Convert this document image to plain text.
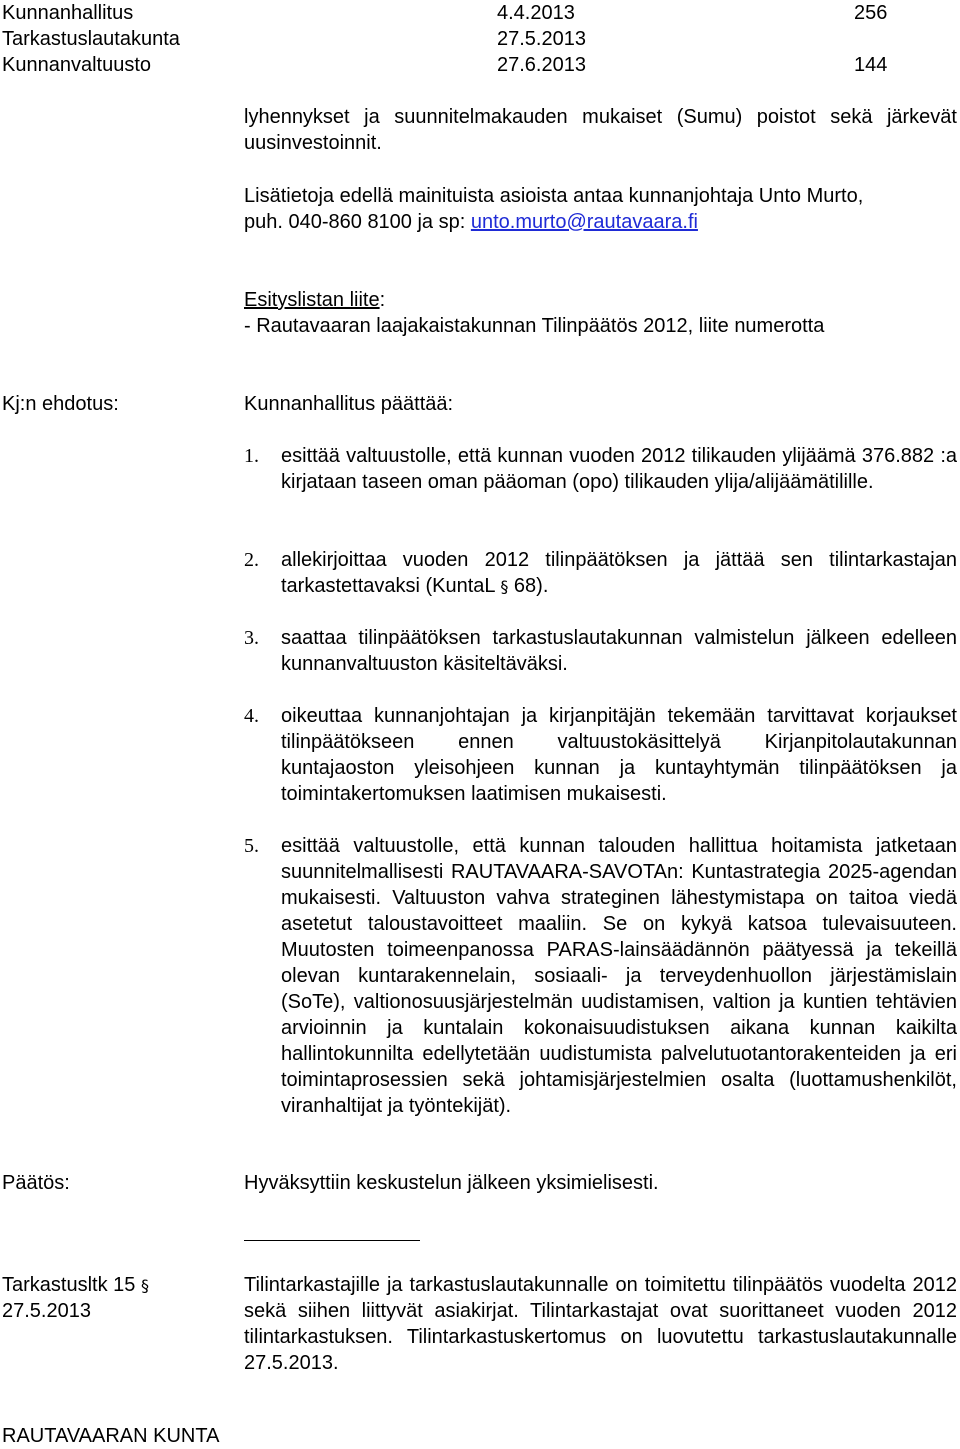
Kunnanhallitus	4.4.2013	256
Tarkastuslautakunta	27.5.2013
Kunnanvaltuusto	27.6.2013	144
lyhennykset ja suunnitelmakauden mukaiset (Sumu) poistot sekä järkevät uusinvestoinnit.
Lisätietoja edellä mainituista asioista antaa kunnanjohtaja Unto Murto,
puh. 040-860 8100 ja sp: unto.murto@rautavaara.fi
Esityslistan liite:
- Rautavaaran laajakaistakunnan Tilinpäätös 2012, liite numerotta
Kj:n ehdotus:	Kunnanhallitus päättää:
1.	esittää valtuustolle, että kunnan vuoden 2012 tilikauden ylijäämä 376.882 :a kirjataan taseen oman pääoman (opo) tilikauden ylija/alijäämätilille.
2.	allekirjoittaa vuoden 2012 tilinpäätöksen ja jättää sen tilintarkastajan tarkastettavaksi (KuntaL § 68).
3.	saattaa tilinpäätöksen tarkastuslautakunnan valmistelun jälkeen edelleen kunnanvaltuuston käsiteltäväksi.
4.	oikeuttaa kunnanjohtajan ja kirjanpitäjän tekemään tarvittavat korjaukset tilinpäätökseen ennen valtuustokäsittelyä Kirjanpitolautakunnan kuntajaoston yleisohjeen kunnan ja kuntayhtymän tilinpäätöksen ja toimintakertomuksen laatimisen mukaisesti.
5.	esittää valtuustolle, että kunnan talouden hallittua hoitamista jatketaan suunnitelmallisesti RAUTAVAARA-SAVOTAn: Kuntastrategia 2025-agendan mukaisesti. Valtuuston vahva strateginen lähestymistapa on taitoa viedä asetetut taloustavoitteet maaliin. Se on kykyä katsoa tulevaisuuteen. Muutosten toimeenpanossa PARAS-lainsäädännön päätyessä ja tekeillä olevan kuntarakennelain, sosiaali- ja terveydenhuollon järjestämislain (SoTe), valtionosuusjärjestelmän uudistamisen, valtion ja kuntien tehtävien arvioinnin ja kuntalain kokonaisuudistuksen aikana kunnan kaikilta hallintokunnilta edellytetään uudistumista palvelutuotantorakenteiden ja eri toimintaprosessien sekä johtamisjärjestelmien osalta (luottamushenkilöt, viranhaltijat ja työntekijät).
Päätös:	Hyväksyttiin keskustelun jälkeen yksimielisesti.
Tarkastusltk 15 §
27.5.2013
Tilintarkastajille ja tarkastuslautakunnalle on toimitettu tilinpäätös vuodelta 2012 sekä siihen liittyvät asiakirjat. Tilintarkastajat ovat suorittaneet vuoden 2012 tilintarkastuksen. Tilintarkastuskertomus on luovutettu tarkastuslautakunnalle 27.5.2013.
RAUTAVAARAN KUNTA
